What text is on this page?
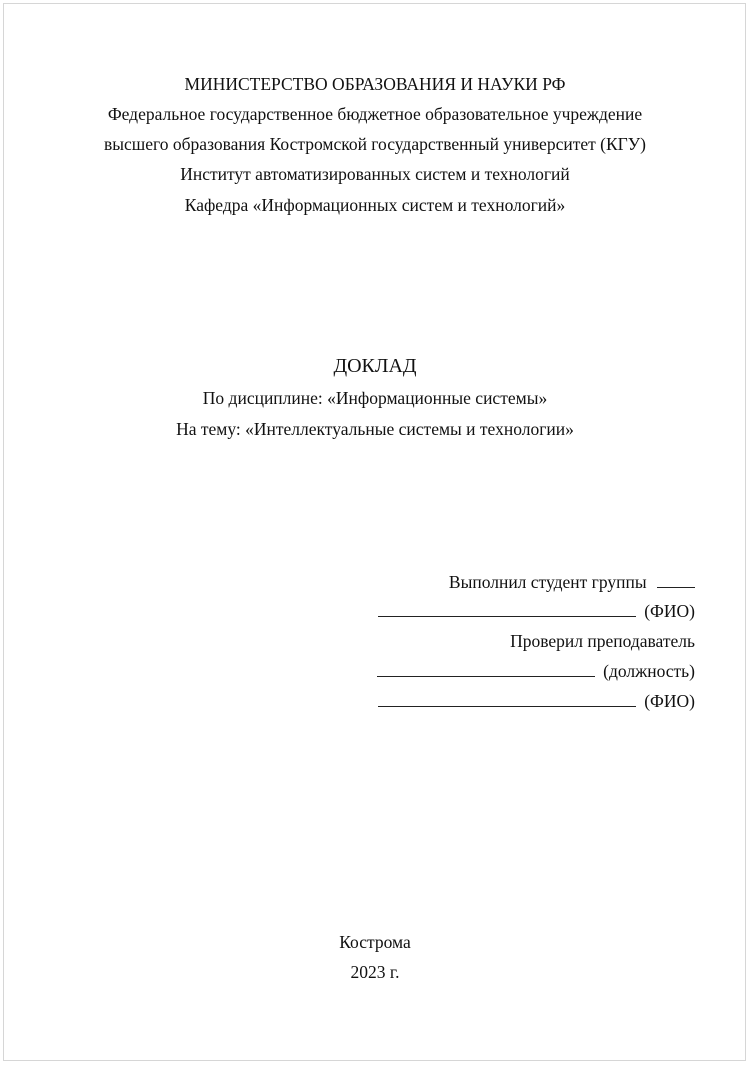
МИНИСТЕРСТВО ОБРАЗОВАНИЯ И НАУКИ РФ
Федеральное государственное бюджетное образовательное учреждение
высшего образования Костромской государственный университет (КГУ)
Институт автоматизированных систем и технологий
Кафедра «Информационных систем и технологий»
ДОКЛАД
По дисциплине: «Информационные системы»
На тему: «Интеллектуальные системы и технологии»
Выполнил студент группы
(ФИО)
Проверил преподаватель
(должность)
(ФИО)
Кострома
2023 г.
